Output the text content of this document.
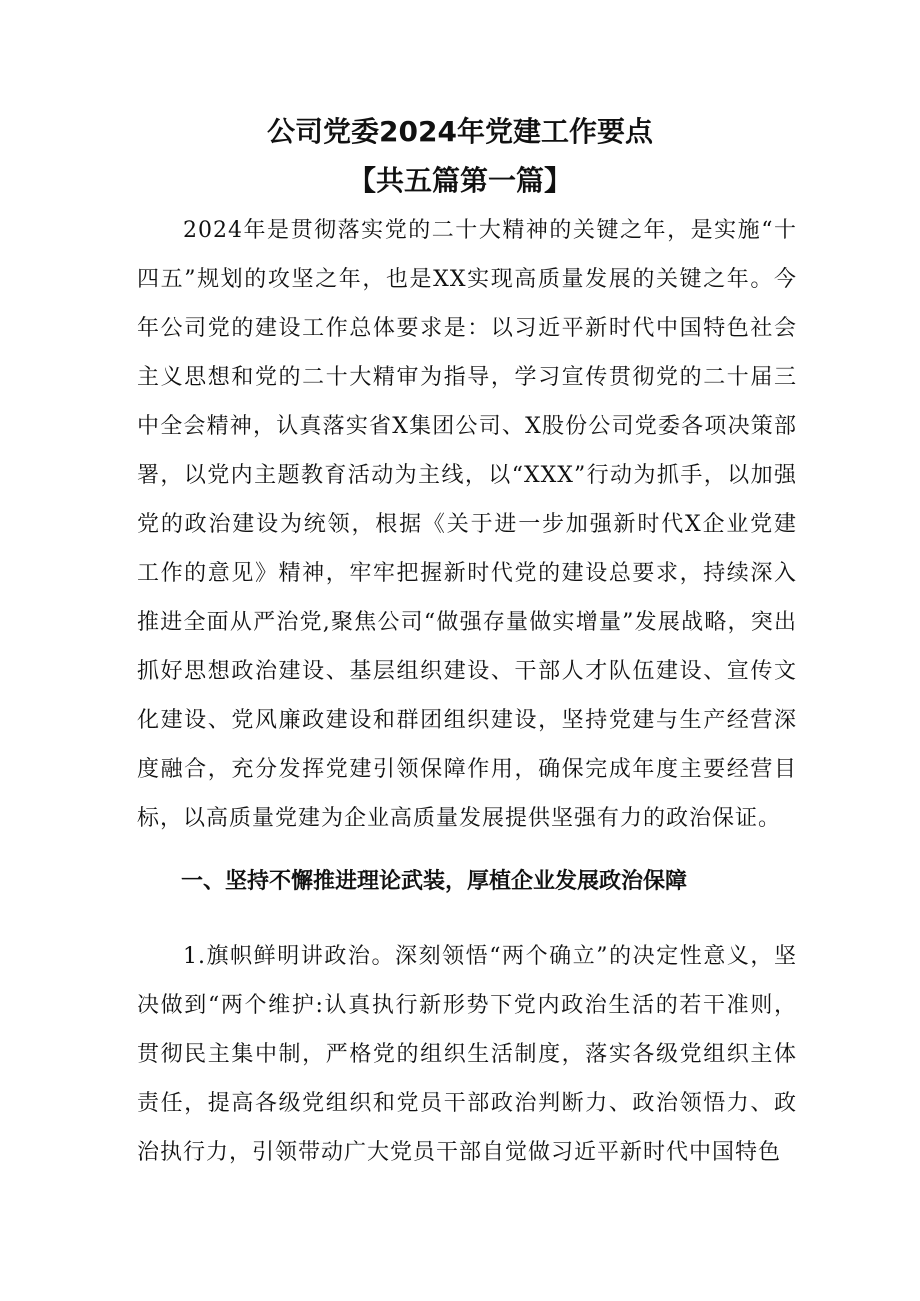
公司党委2024年党建工作要点
【共五篇第一篇】

2024年是贯彻落实党的二十大精神的关键之年，是实施“十四五”规划的攻坚之年，也是XX实现高质量发展的关键之年。今年公司党的建设工作总体要求是：以习近平新时代中国特色社会主义思想和党的二十大精审为指导，学习宣传贯彻党的二十届三中全会精神，认真落实省X集团公司、X股份公司党委各项决策部署，以党内主题教育活动为主线，以“XXX”行动为抓手，以加强党的政治建设为统领，根据《关于进一步加强新时代X企业党建工作的意见》精神，牢牢把握新时代党的建设总要求，持续深入推进全面从严治党,聚焦公司“做强存量做实增量”发展战略，突出抓好思想政治建设、基层组织建设、干部人才队伍建设、宣传文化建设、党风廉政建设和群团组织建设，坚持党建与生产经营深度融合，充分发挥党建引领保障作用，确保完成年度主要经营目标，以高质量党建为企业高质量发展提供坚强有力的政治保证。

一、坚持不懈推进理论武装，厚植企业发展政治保障

1.旗帜鲜明讲政治。深刻领悟“两个确立”的决定性意义，坚决做到“两个维护:认真执行新形势下党内政治生活的若干准则，贯彻民主集中制，严格党的组织生活制度，落实各级党组织主体责任，提高各级党组织和党员干部政治判断力、政治领悟力、政治执行力，引领带动广大党员干部自觉做习近平新时代中国特色
